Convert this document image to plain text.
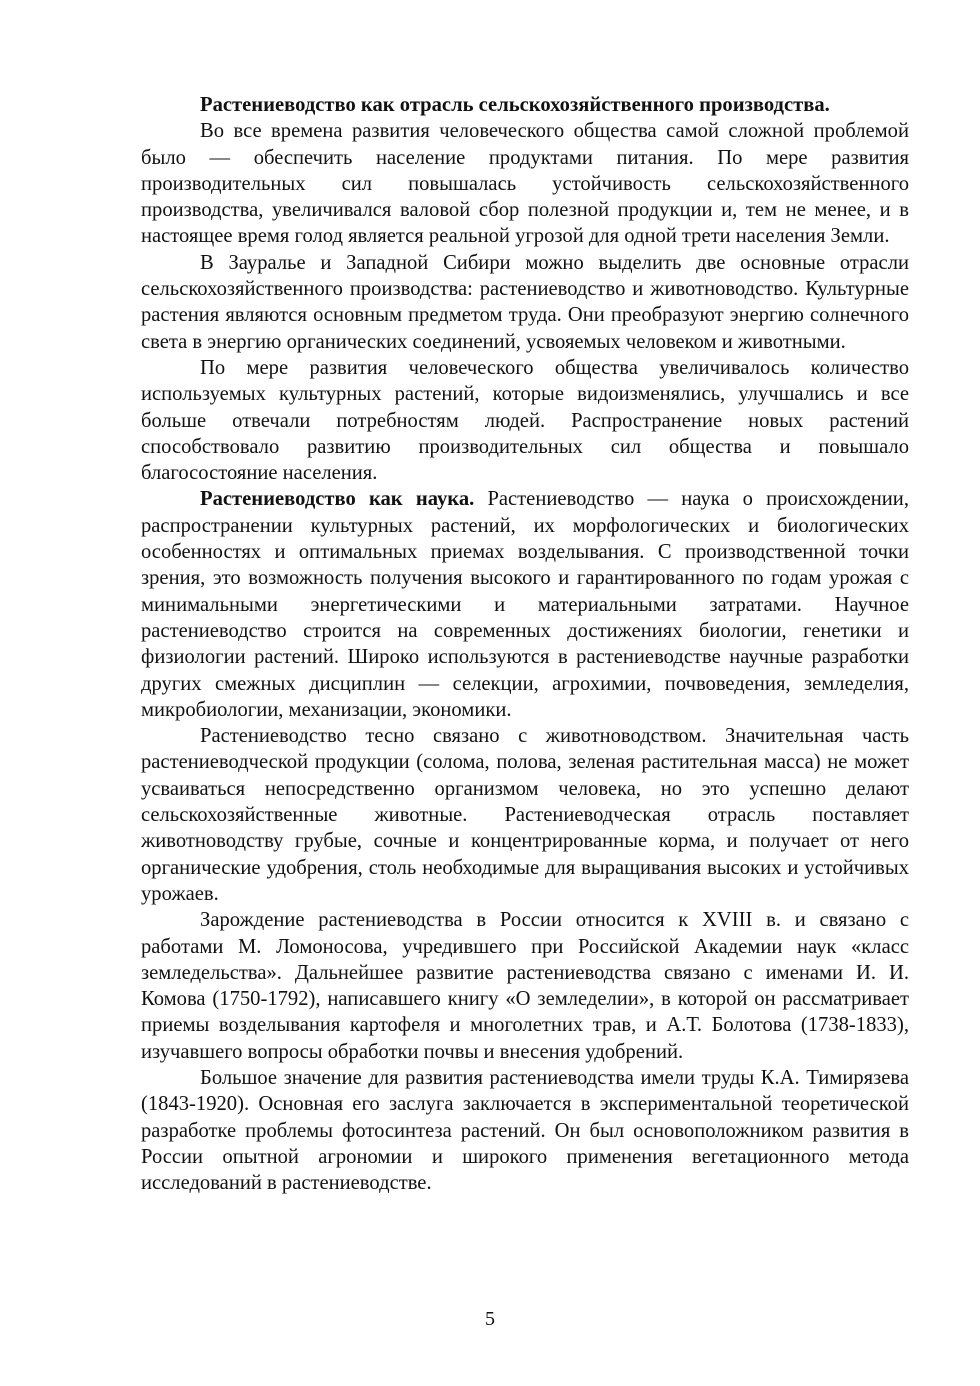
Растениеводство как отрасль сельскохозяйственного производства.

Во все времена развития человеческого общества самой сложной проблемой было — обеспечить население продуктами питания. По мере развития производительных сил повышалась устойчивость сельскохозяйственного производства, увеличивался валовой сбор полезной продукции и, тем не менее, и в настоящее время голод является реальной угрозой для одной трети населения Земли.

В Зауралье и Западной Сибири можно выделить две основные отрасли сельскохозяйственного производства: растениеводство и животноводство. Культурные растения являются основным предметом труда. Они преобразуют энергию солнечного света в энергию органических соединений, усвояемых человеком и животными.

По мере развития человеческого общества увеличивалось количество используемых культурных растений, которые видоизменялись, улучшались и все больше отвечали потребностям людей. Распространение новых растений способствовало развитию производительных сил общества и повышало благосостояние населения.

Растениеводство как наука. Растениеводство — наука о происхождении, распространении культурных растений, их морфологических и биологических особенностях и оптимальных приемах возделывания. С производственной точки зрения, это возможность получения высокого и гарантированного по годам урожая с минимальными энергетическими и материальными затратами. Научное растениеводство строится на современных достижениях биологии, генетики и физиологии растений. Широко используются в растениеводстве научные разработки других смежных дисциплин — селекции, агрохимии, почвоведения, земледелия, микробиологии, механизации, экономики.

Растениеводство тесно связано с животноводством. Значительная часть растениеводческой продукции (солома, полова, зеленая растительная масса) не может усваиваться непосредственно организмом человека, но это успешно делают сельскохозяйственные животные. Растениеводческая отрасль поставляет животноводству грубые, сочные и концентрированные корма, и получает от него органические удобрения, столь необходимые для выращивания высоких и устойчивых урожаев.

Зарождение растениеводства в России относится к XVIII в. и связано с работами М. Ломоносова, учредившего при Российской Академии наук «класс земледельства». Дальнейшее развитие растениеводства связано с именами И. И. Комова (1750-1792), написавшего книгу «О земледелии», в которой он рассматривает приемы возделывания картофеля и многолетних трав, и А.Т. Болотова (1738-1833), изучавшего вопросы обработки почвы и внесения удобрений.

Большое значение для развития растениеводства имели труды К.А. Тимирязева (1843-1920). Основная его заслуга заключается в экспериментальной теоретической разработке проблемы фотосинтеза растений. Он был основоположником развития в России опытной агрономии и широкого применения вегетационного метода исследований в растениеводстве.

5
